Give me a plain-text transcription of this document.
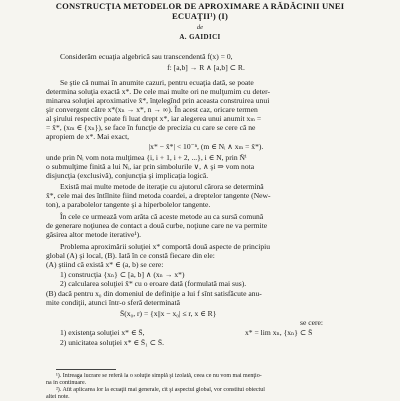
CONSTRUCŢIA METODELOR DE APROXIMARE A RĂDĂCINII UNEI
ECUAŢII¹) (I)
de
A. GAIDICI
Considerăm ecuaţia algebrică sau transcendentă f(x) = 0,
f: [a,b] → R ∧ [a,b] ⊂ R.
Se ştie că numai în anumite cazuri, pentru ecuaţia dată, se poate
determina soluţia exactă x*. De cele mai multe ori ne mulţumim cu deter-
minarea soluţiei aproximative x̃*, înţelegînd prin aceasta construirea unui
şir convergent către x*(xₙ → x*, n → ∞). În acest caz, oricare termen
al şirului respectiv poate fi luat drept x*, iar alegerea unui anumit xₘ =
= x̃*, (xₘ ∈ {xₙ}), se face în funcţie de precizia cu care se cere că ne
apropiem de x*. Mai exact,
|x* − x̃*| < 10⁻ⁿ, (m ∈ Nᵢ ∧ xₘ = x̃*).
unde prin Nᵢ vom nota mulţimea {i, i + 1, i + 2, ...}, i ∈ N, prin N̄ⁱ
o submulţime finită a lui Nᵢ, iar prin simbolurile ∨, ∧ şi ⇒ vom nota
disjuncţia (exclusivă), conjuncţia şi implicaţia logică.
Există mai multe metode de iteraţie cu ajutorul cărora se determină
x̃*, cele mai des întîlnite fiind metoda coardei, a dreptelor tangente (New-
ton), a parabolelor tangente şi a hiperbolelor tangente.
În cele ce urmează vom arăta că aceste metode au ca sursă comună
de generare noţiunea de contact a două curbe, noţiune care ne va permite
găsirea altor metode iterative¹).
Problema aproximării soluţiei x* comportă două aspecte de principiu
global (A) şi local, (B). Iată în ce constă fiecare din ele:
(A) ştiind că există x* ∈ (a, b) se cere:
1) construcţia {xₙ} ⊂ [a, b] ∧ (xₙ → x*)
2) calcularea soluţiei x̃* cu o eroare dată (formulată mai sus).
(B) dacă pentru x₀ din domeniul de definiţie a lui f sînt satisfăcute anu-
mite condiţii, atunci într-o sferă determinată
S̄(x₀, r) = {x||x − x₀| ≤ r, x ∈ R}
se cere:
1) existenţa soluţiei x* ∈ S̄,	x* = lim xₙ, {xₙ} ⊂ S̄
2) unicitatea soluţiei x* ∈ S̄₁ ⊂ S̄.
¹). Întreaga lucrare se referă la o soluţie simplă şi izolată, ceea ce nu vom mai menţio-
na în continuare.
²). Atît aplicarea lor la ecuaţii mai generale, cît şi aspectul global, vor constitui obiectul
altei note.
